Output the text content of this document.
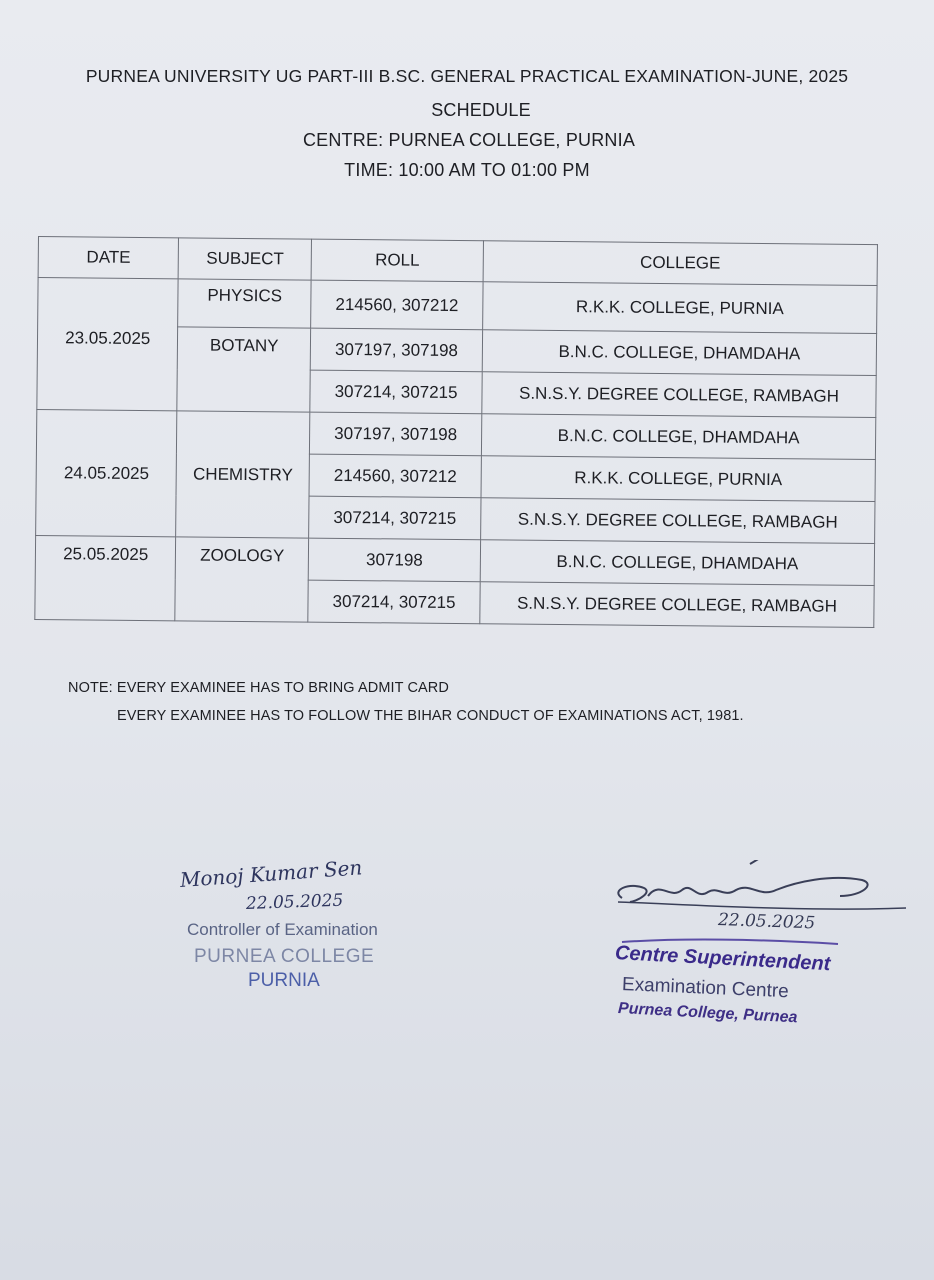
PURNEA UNIVERSITY UG PART-III B.SC. GENERAL PRACTICAL EXAMINATION-JUNE, 2025
SCHEDULE
CENTRE: PURNEA COLLEGE, PURNIA
TIME: 10:00 AM TO 01:00 PM
DATE	SUBJECT	ROLL	COLLEGE
23.05.2025	PHYSICS	214560, 307212	R.K.K. COLLEGE, PURNIA
	BOTANY	307197, 307198	B.N.C. COLLEGE, DHAMDAHA
		307214, 307215	S.N.S.Y. DEGREE COLLEGE, RAMBAGH
24.05.2025	CHEMISTRY	307197, 307198	B.N.C. COLLEGE, DHAMDAHA
		214560, 307212	R.K.K. COLLEGE, PURNIA
		307214, 307215	S.N.S.Y. DEGREE COLLEGE, RAMBAGH
25.05.2025	ZOOLOGY	307198	B.N.C. COLLEGE, DHAMDAHA
		307214, 307215	S.N.S.Y. DEGREE COLLEGE, RAMBAGH
NOTE: EVERY EXAMINEE HAS TO BRING ADMIT CARD
EVERY EXAMINEE HAS TO FOLLOW THE BIHAR CONDUCT OF EXAMINATIONS ACT, 1981.
Monoj Kumar Sen
22.05.2025
Controller of Examination
PURNEA COLLEGE
PURNIA
22.05.2025
Centre Superintendent
Examination Centre
Purnea College, Purnea
